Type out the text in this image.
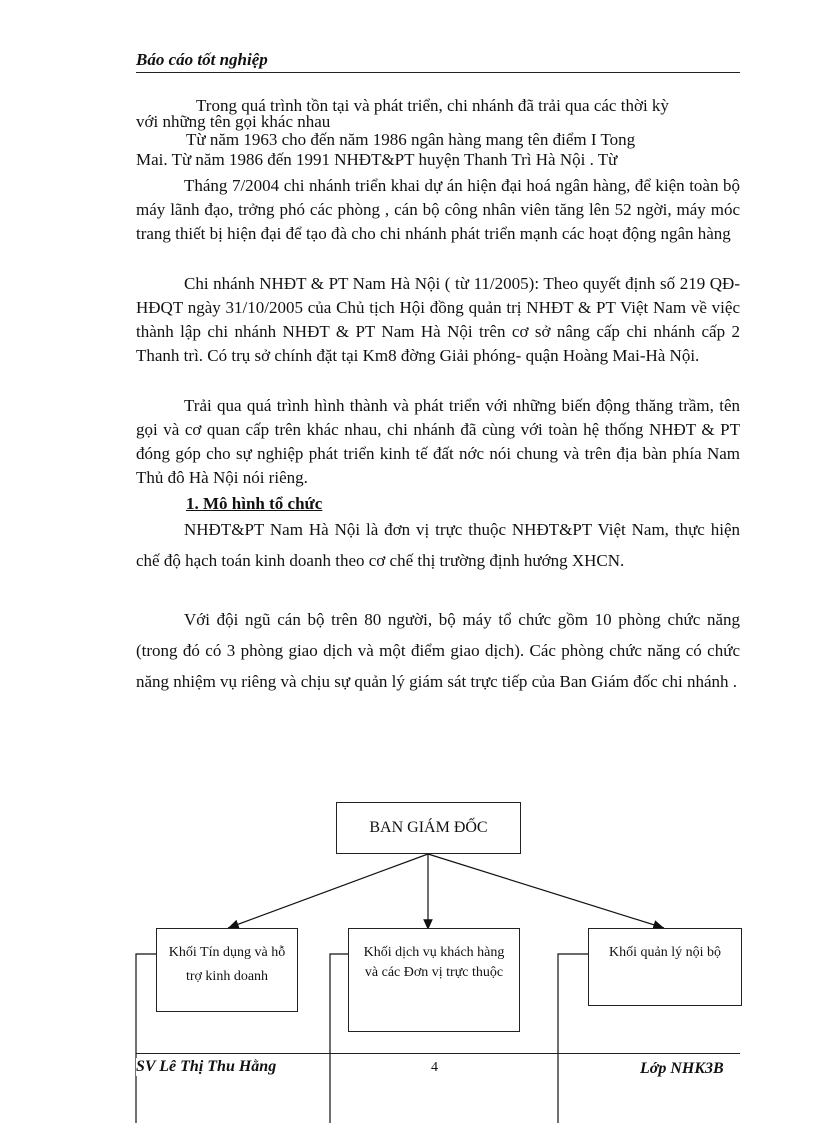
Báo cáo tốt nghiệp
Trong quá trình tồn tại và phát triển, chi nhánh đã trải qua các thời kỳ
với những tên gọi khác nhau
Từ năm 1963 cho đến năm 1986 ngân hàng mang tên điểm I Tong
Mai. Từ năm 1986 đến 1991 NHĐT&PT huyện Thanh Trì Hà Nội . Từ
Tháng 7/2004 chi nhánh triển khai dự án hiện đại hoá ngân hàng, để kiện toàn bộ máy lãnh đạo, trởng phó các phòng , cán bộ công nhân viên tăng lên 52 ngời, máy móc trang thiết bị hiện đại để tạo đà cho chi nhánh phát triển mạnh các hoạt động ngân hàng
Chi nhánh NHĐT & PT Nam Hà Nội ( từ 11/2005): Theo quyết định số 219 QĐ-HĐQT ngày 31/10/2005 của Chủ tịch Hội đồng quản trị NHĐT & PT Việt Nam về việc thành lập chi nhánh NHĐT & PT Nam Hà Nội trên cơ sở nâng cấp chi nhánh cấp 2 Thanh trì. Có trụ sở chính đặt tại Km8 đờng Giải phóng- quận Hoàng Mai-Hà Nội.
Trải qua quá trình hình thành và phát triển với những biến động thăng trầm, tên gọi và cơ quan cấp trên khác nhau, chi nhánh đã cùng với toàn hệ thống NHĐT & PT đóng góp cho sự nghiệp phát triển kinh tế đất nớc nói chung và trên địa bàn phía Nam Thủ đô Hà Nội nói riêng.
1. Mô hình tổ chức
NHĐT&PT Nam Hà Nội là đơn vị trực thuộc NHĐT&PT Việt Nam, thực hiện chế độ hạch toán kinh doanh theo cơ chế thị trường định hướng XHCN.
Với đội ngũ cán bộ trên 80 người, bộ máy tổ chức gồm 10 phòng chức năng (trong đó có 3 phòng giao dịch và một điểm giao dịch). Các phòng chức năng có chức năng nhiệm vụ riêng và chịu sự quản lý giám sát trực tiếp của Ban Giám đốc chi nhánh .
BAN GIÁM ĐỐC
Khối Tín dụng và hỗ trợ kinh doanh
Khối dịch vụ khách hàng và các Đơn vị trực thuộc
Khối quản lý nội bộ
SV Lê Thị Thu Hằng	4	Lớp NHK3B
